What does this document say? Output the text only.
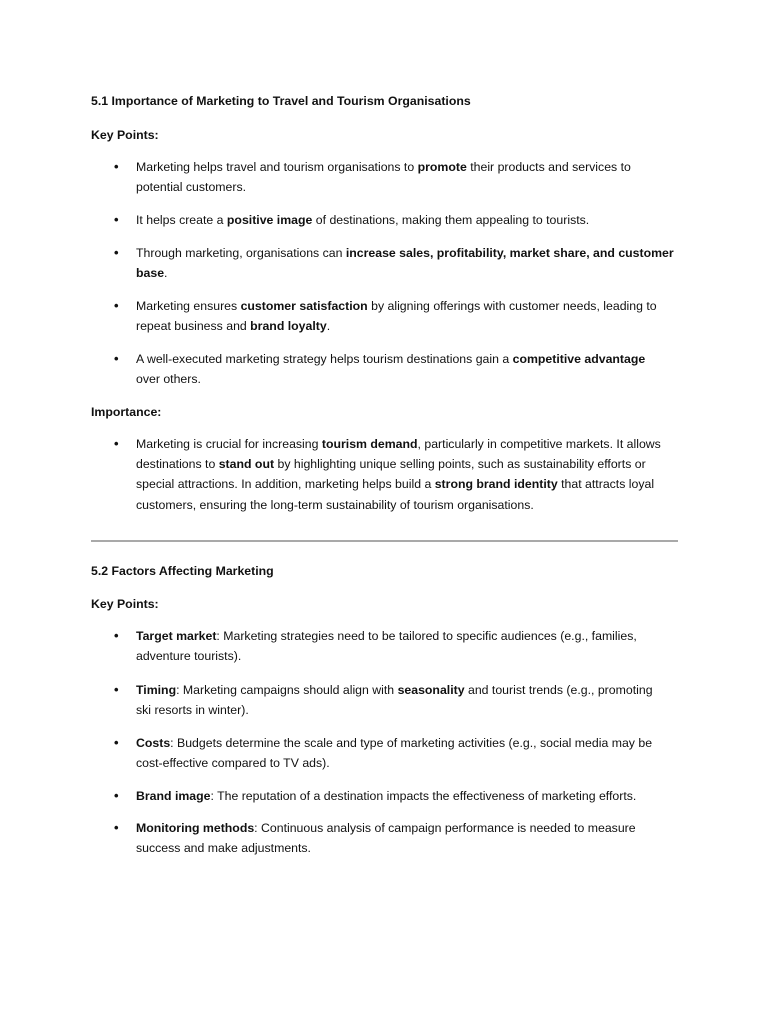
5.1 Importance of Marketing to Travel and Tourism Organisations
Key Points:
• Marketing helps travel and tourism organisations to promote their products and services to
potential customers.
• It helps create a positive image of destinations, making them appealing to tourists.
• Through marketing, organisations can increase sales, profitability, market share, and customer
base.
• Marketing ensures customer satisfaction by aligning offerings with customer needs, leading to
repeat business and brand loyalty.
• A well-executed marketing strategy helps tourism destinations gain a competitive advantage
over others.
Importance:
• Marketing is crucial for increasing tourism demand, particularly in competitive markets. It allows
destinations to stand out by highlighting unique selling points, such as sustainability efforts or
special attractions. In addition, marketing helps build a strong brand identity that attracts loyal
customers, ensuring the long-term sustainability of tourism organisations.
5.2 Factors Affecting Marketing
Key Points:
• Target market: Marketing strategies need to be tailored to specific audiences (e.g., families,
adventure tourists).
• Timing: Marketing campaigns should align with seasonality and tourist trends (e.g., promoting
ski resorts in winter).
• Costs: Budgets determine the scale and type of marketing activities (e.g., social media may be
cost-effective compared to TV ads).
• Brand image: The reputation of a destination impacts the effectiveness of marketing efforts.
• Monitoring methods: Continuous analysis of campaign performance is needed to measure
success and make adjustments.
